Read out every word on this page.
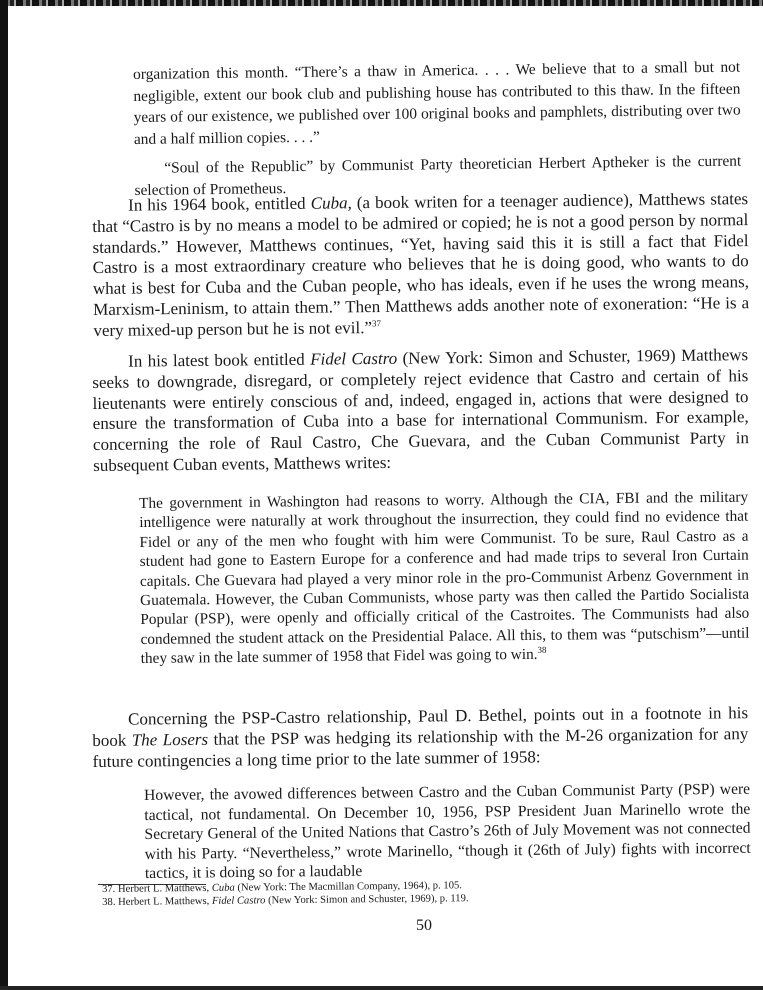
organization this month. “There’s a thaw in America. . . . We believe that to a small but not negligible, extent our book club and publishing house has contributed to this thaw. In the fifteen years of our existence, we published over 100 original books and pamphlets, distributing over two and a half million copies. . . .”

“Soul of the Republic” by Communist Party theoretician Herbert Aptheker is the current selection of Prometheus.

In his 1964 book, entitled Cuba, (a book writen for a teenager audience), Matthews states that “Castro is by no means a model to be admired or copied; he is not a good person by normal standards.” However, Matthews continues, “Yet, having said this it is still a fact that Fidel Castro is a most extraordinary creature who believes that he is doing good, who wants to do what is best for Cuba and the Cuban people, who has ideals, even if he uses the wrong means, Marxism-Leninism, to attain them.” Then Matthews adds another note of exoneration: “He is a very mixed-up person but he is not evil.”$^{37}$

In his latest book entitled Fidel Castro (New York: Simon and Schuster, 1969) Matthews seeks to downgrade, disregard, or completely reject evidence that Castro and certain of his lieutenants were entirely conscious of and, indeed, engaged in, actions that were designed to ensure the transformation of Cuba into a base for international Communism. For example, concerning the role of Raul Castro, Che Guevara, and the Cuban Communist Party in subsequent Cuban events, Matthews writes:

The government in Washington had reasons to worry. Although the CIA, FBI and the military intelligence were naturally at work throughout the insurrection, they could find no evidence that Fidel or any of the men who fought with him were Communist. To be sure, Raul Castro as a student had gone to Eastern Europe for a conference and had made trips to several Iron Curtain capitals. Che Guevara had played a very minor role in the pro-Communist Arbenz Government in Guatemala. However, the Cuban Communists, whose party was then called the Partido Socialista Popular (PSP), were openly and officially critical of the Castroites. The Communists had also condemned the student attack on the Presidential Palace. All this, to them was “putschism”—until they saw in the late summer of 1958 that Fidel was going to win.$^{38}$

Concerning the PSP-Castro relationship, Paul D. Bethel, points out in a footnote in his book The Losers that the PSP was hedging its relationship with the M-26 organization for any future contingencies a long time prior to the late summer of 1958:

However, the avowed differences between Castro and the Cuban Communist Party (PSP) were tactical, not fundamental. On December 10, 1956, PSP President Juan Marinello wrote the Secretary General of the United Nations that Castro’s 26th of July Movement was not connected with his Party. “Nevertheless,” wrote Marinello, “though it (26th of July) fights with incorrect tactics, it is doing so for a laudable

37. Herbert L. Matthews, Cuba (New York: The Macmillan Company, 1964), p. 105.
38. Herbert L. Matthews, Fidel Castro (New York: Simon and Schuster, 1969), p. 119.
50
